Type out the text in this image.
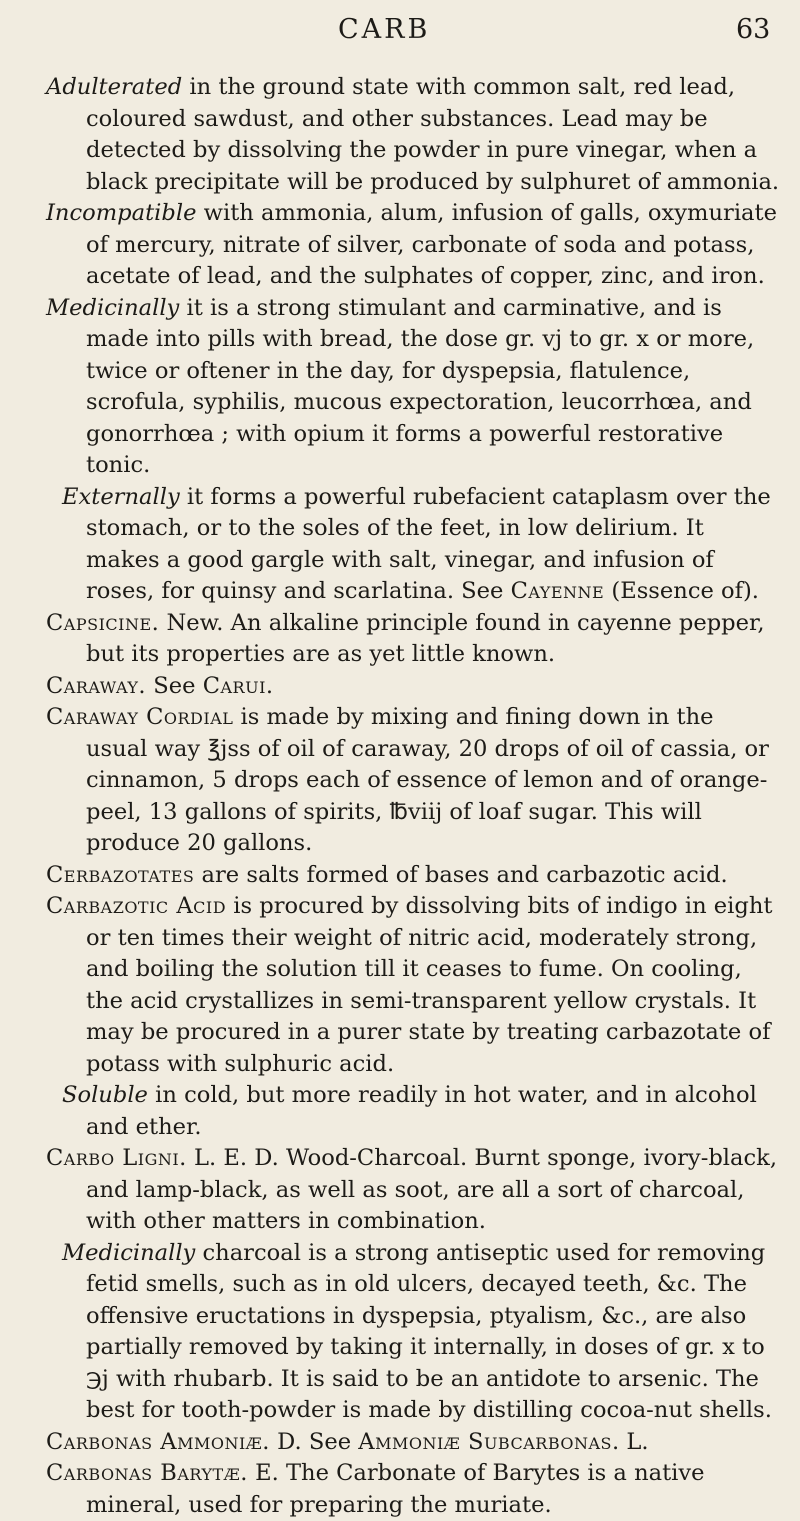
CARB	63

Adulterated in the ground state with common salt, red lead, coloured sawdust, and other substances. Lead may be detected by dissolving the powder in pure vinegar, when a black precipitate will be produced by sulphuret of ammonia.

Incompatible with ammonia, alum, infusion of galls, oxymuriate of mercury, nitrate of silver, carbonate of soda and potass, acetate of lead, and the sulphates of copper, zinc, and iron.

Medicinally it is a strong stimulant and carminative, and is made into pills with bread, the dose gr. vj to gr. x or more, twice or oftener in the day, for dyspepsia, flatulence, scrofula, syphilis, mucous expectoration, leucorrhœa, and gonorrhœa ; with opium it forms a powerful restorative tonic.

Externally it forms a powerful rubefacient cataplasm over the stomach, or to the soles of the feet, in low delirium. It makes a good gargle with salt, vinegar, and infusion of roses, for quinsy and scarlatina. See Cayenne (Essence of).

Capsicine. New. An alkaline principle found in cayenne pepper, but its properties are as yet little known.

Caraway. See Carui.

Caraway Cordial is made by mixing and fining down in the usual way ℥jss of oil of caraway, 20 drops of oil of cassia, or cinnamon, 5 drops each of essence of lemon and of orange-peel, 13 gallons of spirits, ℔viij of loaf sugar. This will produce 20 gallons.

Cerbazotates are salts formed of bases and carbazotic acid.

Carbazotic Acid is procured by dissolving bits of indigo in eight or ten times their weight of nitric acid, moderately strong, and boiling the solution till it ceases to fume. On cooling, the acid crystallizes in semi-transparent yellow crystals. It may be procured in a purer state by treating carbazotate of potass with sulphuric acid.

Soluble in cold, but more readily in hot water, and in alcohol and ether.

Carbo Ligni. L. E. D. Wood-Charcoal. Burnt sponge, ivory-black, and lamp-black, as well as soot, are all a sort of charcoal, with other matters in combination.

Medicinally charcoal is a strong antiseptic used for removing fetid smells, such as in old ulcers, decayed teeth, &c. The offensive eructations in dyspepsia, ptyalism, &c., are also partially removed by taking it internally, in doses of gr. x to ℈j with rhubarb. It is said to be an antidote to arsenic. The best for tooth-powder is made by distilling cocoa-nut shells.

Carbonas Ammoniæ. D. See Ammoniæ Subcarbonas. L.

Carbonas Barytæ. E. The Carbonate of Barytes is a native mineral, used for preparing the muriate.
